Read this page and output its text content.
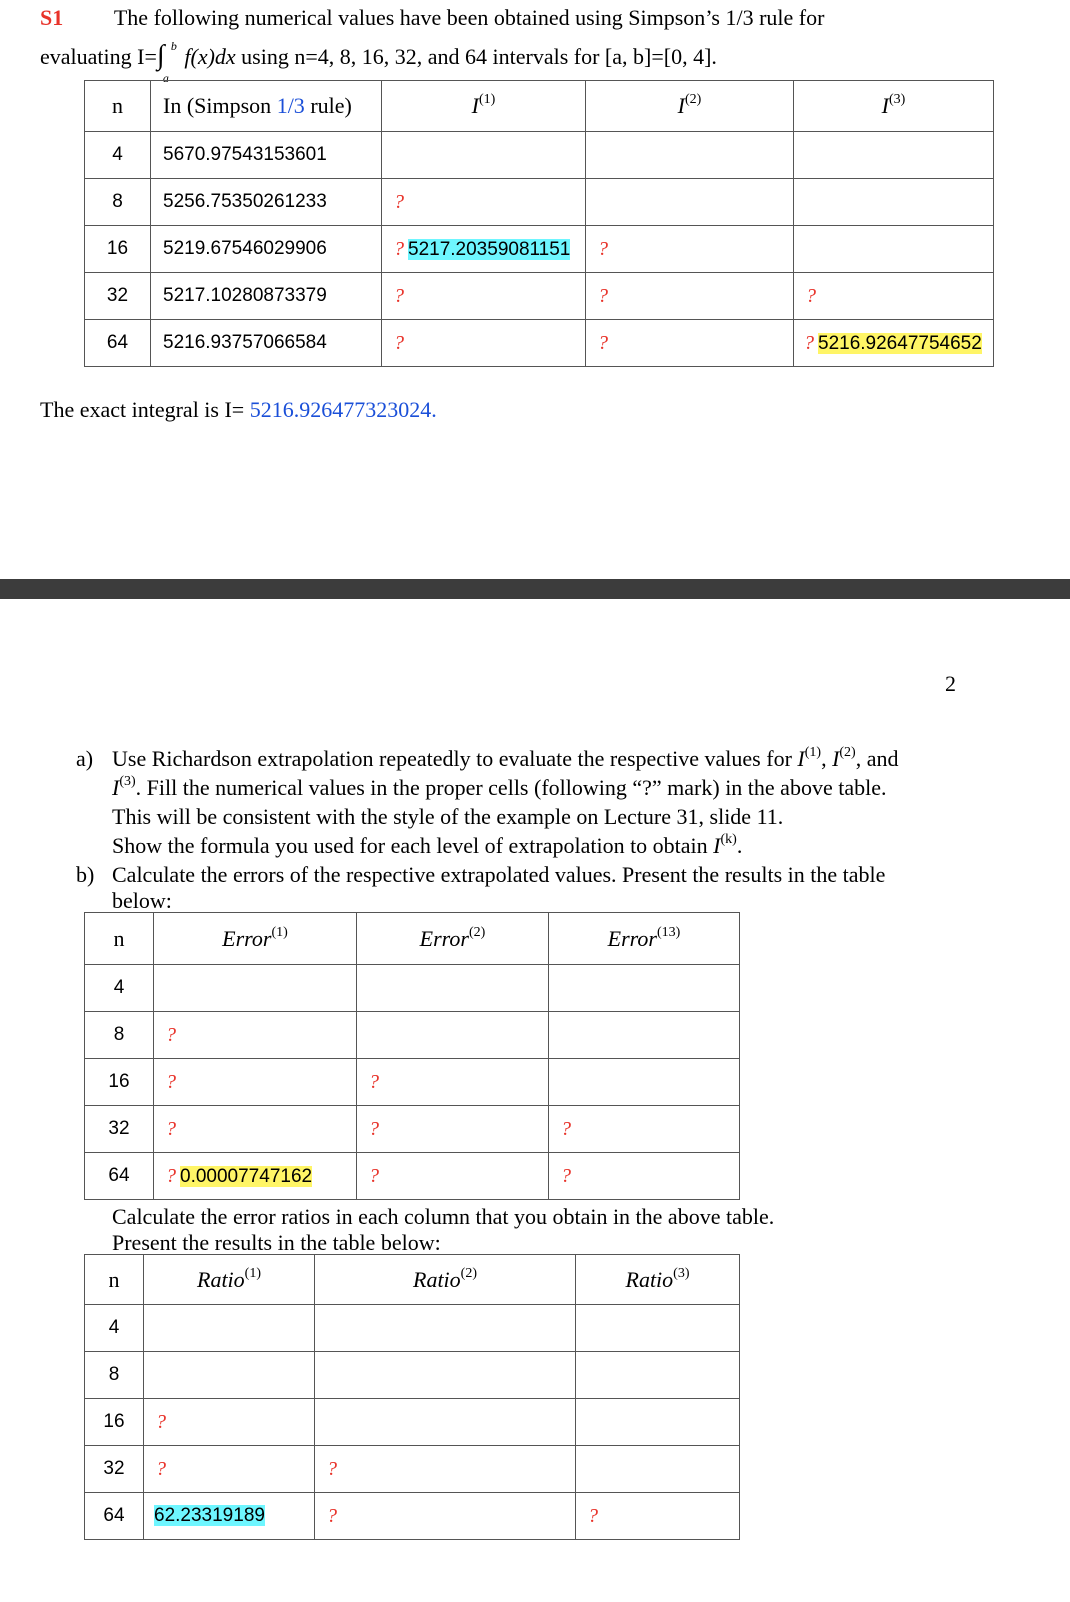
S1 The following numerical values have been obtained using Simpson’s 1/3 rule for
evaluating I=∫ b
a
f(x)dx using n=4, 8, 16, 32, and 64 intervals for [a, b]=[0, 4].
n	In (Simpson 1/3 rule)	$I^{(1)}$	$I^{(2)}$	$I^{(3)}$
4	5670.97543153601			
8	5256.75350261233	?		
16	5219.67546029906	? 5217.20359081151	?	
32	5217.10280873379	?	?	?
64	5216.93757066584	?	?	? 5216.92647754652
The exact integral is I= 5216.926477323024.
2
a) Use Richardson extrapolation repeatedly to evaluate the respective values for $I^{(1)}$, $I^{(2)}$, and
$I^{(3)}$. Fill the numerical values in the proper cells (following “?” mark) in the above table.
This will be consistent with the style of the example on Lecture 31, slide 11.
Show the formula you used for each level of extrapolation to obtain $I^{(k)}$.
b) Calculate the errors of the respective extrapolated values. Present the results in the table
below:
n	Error$^{(1)}$	Error$^{(2)}$	Error$^{(13)}$
4			
8	?		
16	?	?	
32	?	?	?
64	? 0.00007747162	?	?
Calculate the error ratios in each column that you obtain in the above table.
Present the results in the table below:
n	Ratio$^{(1)}$	Ratio$^{(2)}$	Ratio$^{(3)}$
4			
8			
16	?		
32	?	?	
64	62.23319189	?	?
